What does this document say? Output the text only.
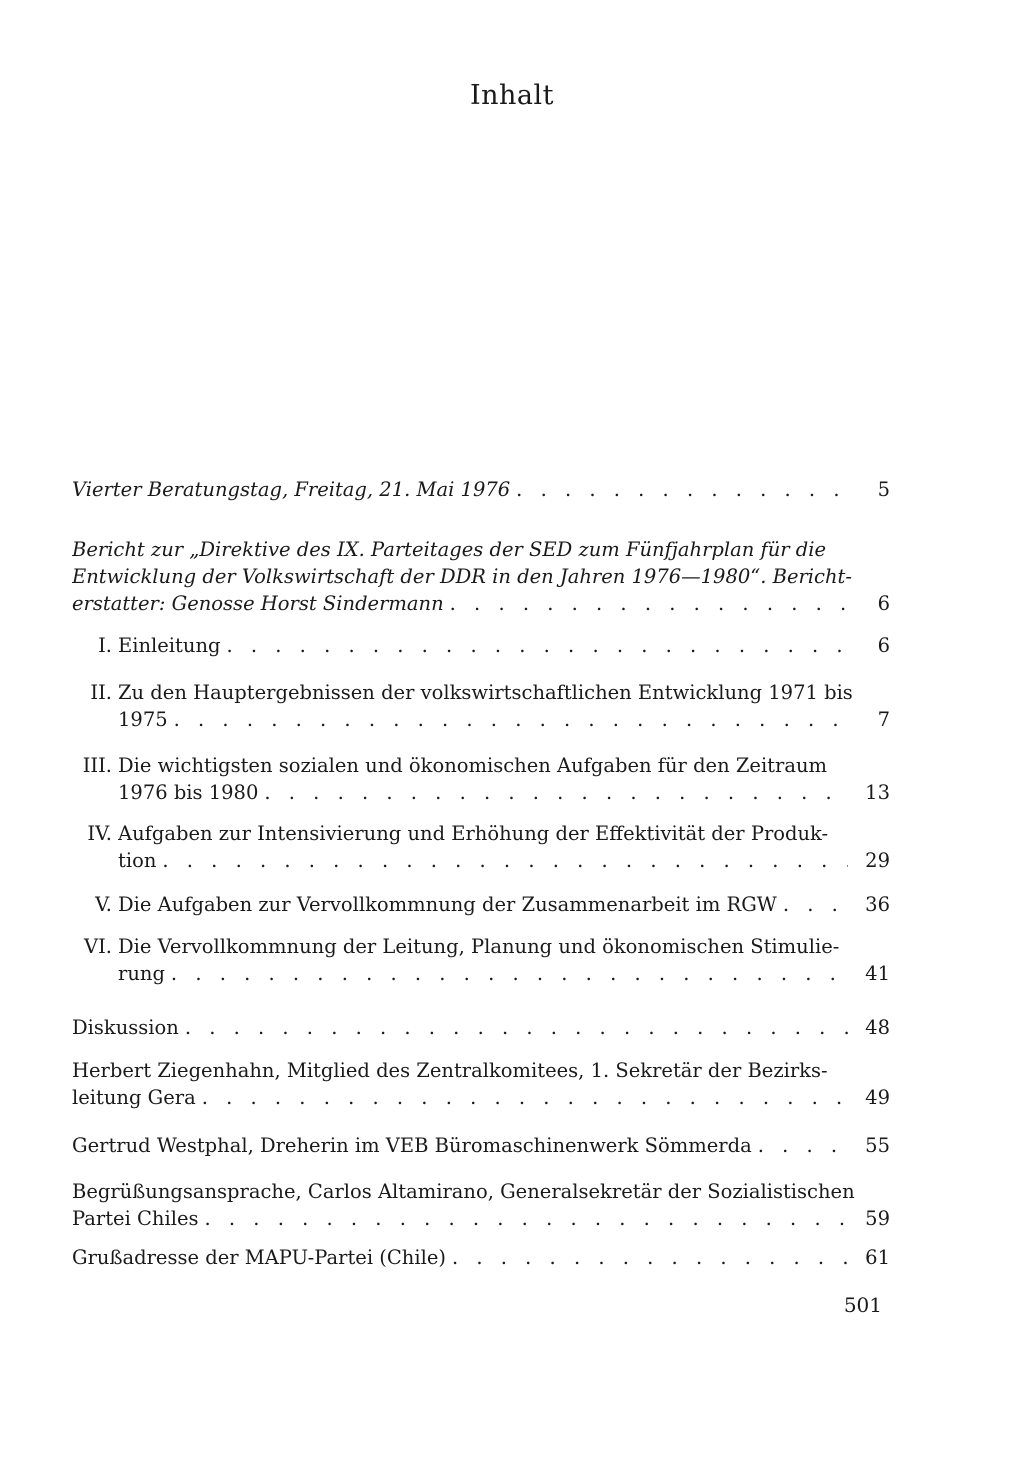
Inhalt
Vierter Beratungstag, Freitag, 21. Mai 1976 . . .	5
Bericht zur „Direktive des IX. Parteitages der SED zum Fünfjahrplan für die
Entwicklung der Volkswirtschaft der DDR in den Jahren 1976—1980“. Bericht-
erstatter: Genosse Horst Sindermann . . .	6
I. Einleitung . . .	6
II. Zu den Hauptergebnissen der volkswirtschaftlichen Entwicklung 1971 bis
1975 . . .	7
III. Die wichtigsten sozialen und ökonomischen Aufgaben für den Zeitraum
1976 bis 1980 . . .	13
IV. Aufgaben zur Intensivierung und Erhöhung der Effektivität der Produk-
tion . . .	29
V. Die Aufgaben zur Vervollkommnung der Zusammenarbeit im RGW . . .	36
VI. Die Vervollkommnung der Leitung, Planung und ökonomischen Stimulie-
rung . . .	41
Diskussion . . .	48
Herbert Ziegenhahn, Mitglied des Zentralkomitees, 1. Sekretär der Bezirks-
leitung Gera . . .	49
Gertrud Westphal, Dreherin im VEB Büromaschinenwerk Sömmerda . . .	55
Begrüßungsansprache, Carlos Altamirano, Generalsekretär der Sozialistischen
Partei Chiles . . .	59
Grußadresse der MAPU-Partei (Chile) . . .	61
501
